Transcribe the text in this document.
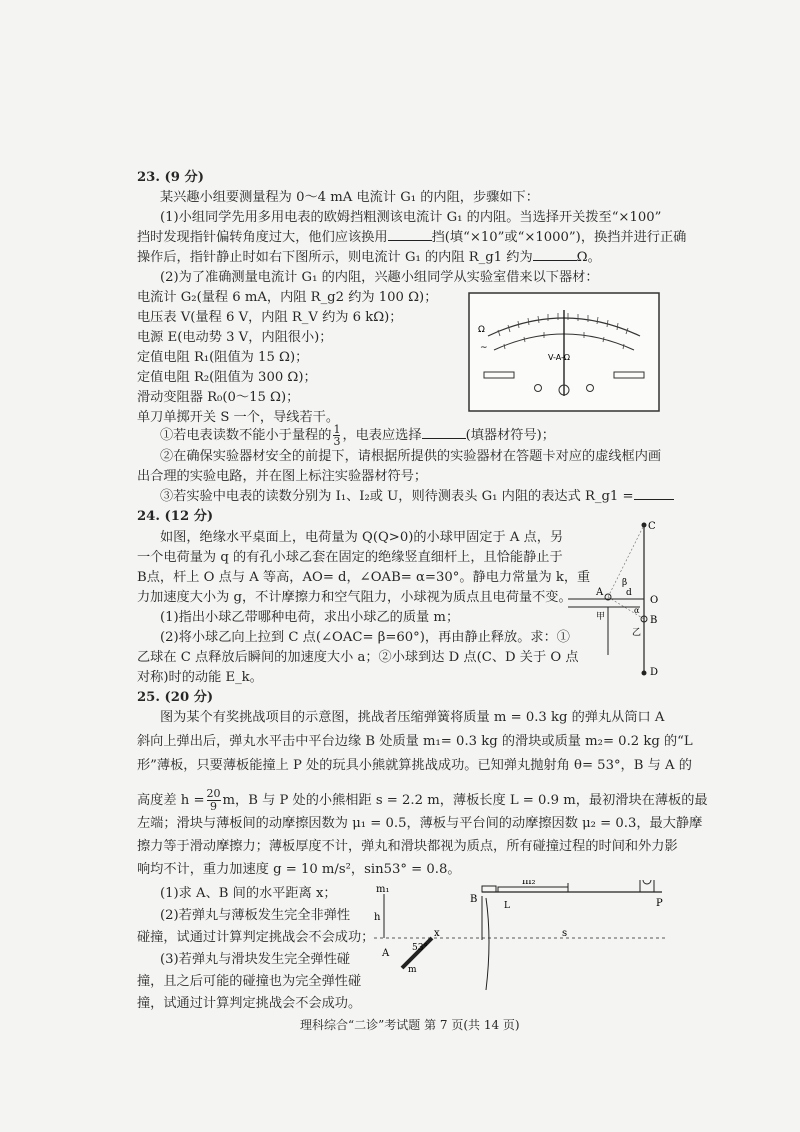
23. (9 分)
某兴趣小组要测量程为 0～4 mA 电流计 G₁ 的内阻，步骤如下：
(1)小组同学先用多用电表的欧姆挡粗测该电流计 G₁ 的内阻。当选择开关拨至“×100”
挡时发现指针偏转角度过大，他们应该换用	挡(填“×10”或“×1000”)，换挡并进行正确
操作后，指针静止时如右下图所示，则电流计 G₁ 的内阻 R_g1 约为	Ω。
(2)为了准确测量电流计 G₁ 的内阻，兴趣小组同学从实验室借来以下器材：
电流计 G₂(量程 6 mA，内阻 R_g2 约为 100 Ω)；
电压表 V(量程 6 V，内阻 R_V 约为 6 kΩ)；
电源 E(电动势 3 V，内阻很小)；
定值电阻 R₁(阻值为 15 Ω)；
定值电阻 R₂(阻值为 300 Ω)；
滑动变阻器 R₀(0～15 Ω)；
单刀单掷开关 S 一个，导线若干。
Ω
~
V-A-Ω
①若电表读数不能小于量程的 $\frac{1}{3}$ ，电表应选择	(填器材符号)；
②在确保实验器材安全的前提下，请根据所提供的实验器材在答题卡对应的虚线框内画
出合理的实验电路，并在图上标注实验器材符号；
③若实验中电表的读数分别为 I₁、I₂或 U，则待测表头 G₁ 内阻的表达式 R_g1 =
24. (12 分)
如图，绝缘水平桌面上，电荷量为 Q(Q>0)的小球甲固定于 A 点，另
一个电荷量为 q 的有孔小球乙套在固定的绝缘竖直细杆上，且恰能静止于
B点，杆上 O 点与 A 等高，AO= d，∠OAB= α=30°。静电力常量为 k，重
力加速度大小为 g，不计摩擦力和空气阻力，小球视为质点且电荷量不变。
(1)指出小球乙带哪种电荷，求出小球乙的质量 m；
(2)将小球乙向上拉到 C 点(∠OAC= β=60°)，再由静止释放。求：①
乙球在 C 点释放后瞬间的加速度大小 a；②小球到达 D 点(C、D 关于 O 点
对称)时的动能 E_k。
C
A
O
B
D
甲
乙
β
d
α
25. (20 分)
图为某个有奖挑战项目的示意图，挑战者压缩弹簧将质量 m = 0.3 kg 的弹丸从筒口 A
斜向上弹出后，弹丸水平击中平台边缘 B 处质量 m₁= 0.3 kg 的滑块或质量 m₂= 0.2 kg 的“L
形”薄板，只要薄板能撞上 P 处的玩具小熊就算挑战成功。已知弹丸抛射角 θ= 53°，B 与 A 的
高度差 $h = \frac{20}{9}$ m，B 与 P 处的小熊相距 s = 2.2 m，薄板长度 L = 0.9 m，最初滑块在薄板的最
左端；滑块与薄板间的动摩擦因数为 μ₁ = 0.5，薄板与平台间的动摩擦因数 μ₂ = 0.3，最大静摩
擦力等于滑动摩擦力；薄板厚度不计，弹丸和滑块都视为质点，所有碰撞过程的时间和外力影
响均不计，重力加速度 g = 10 m/s²，sin53° = 0.8。
(1)求 A、B 间的水平距离 x；
(2)若弹丸与薄板发生完全非弹性
碰撞，试通过计算判定挑战会不会成功；
(3)若弹丸与滑块发生完全弹性碰
撞，且之后可能的碰撞也为完全弹性碰
撞，试通过计算判定挑战会不会成功。
m₁
m₂
B	P
h
A	53°
m
x	s
L
理科综合“二诊”考试题 第 7 页(共 14 页)
